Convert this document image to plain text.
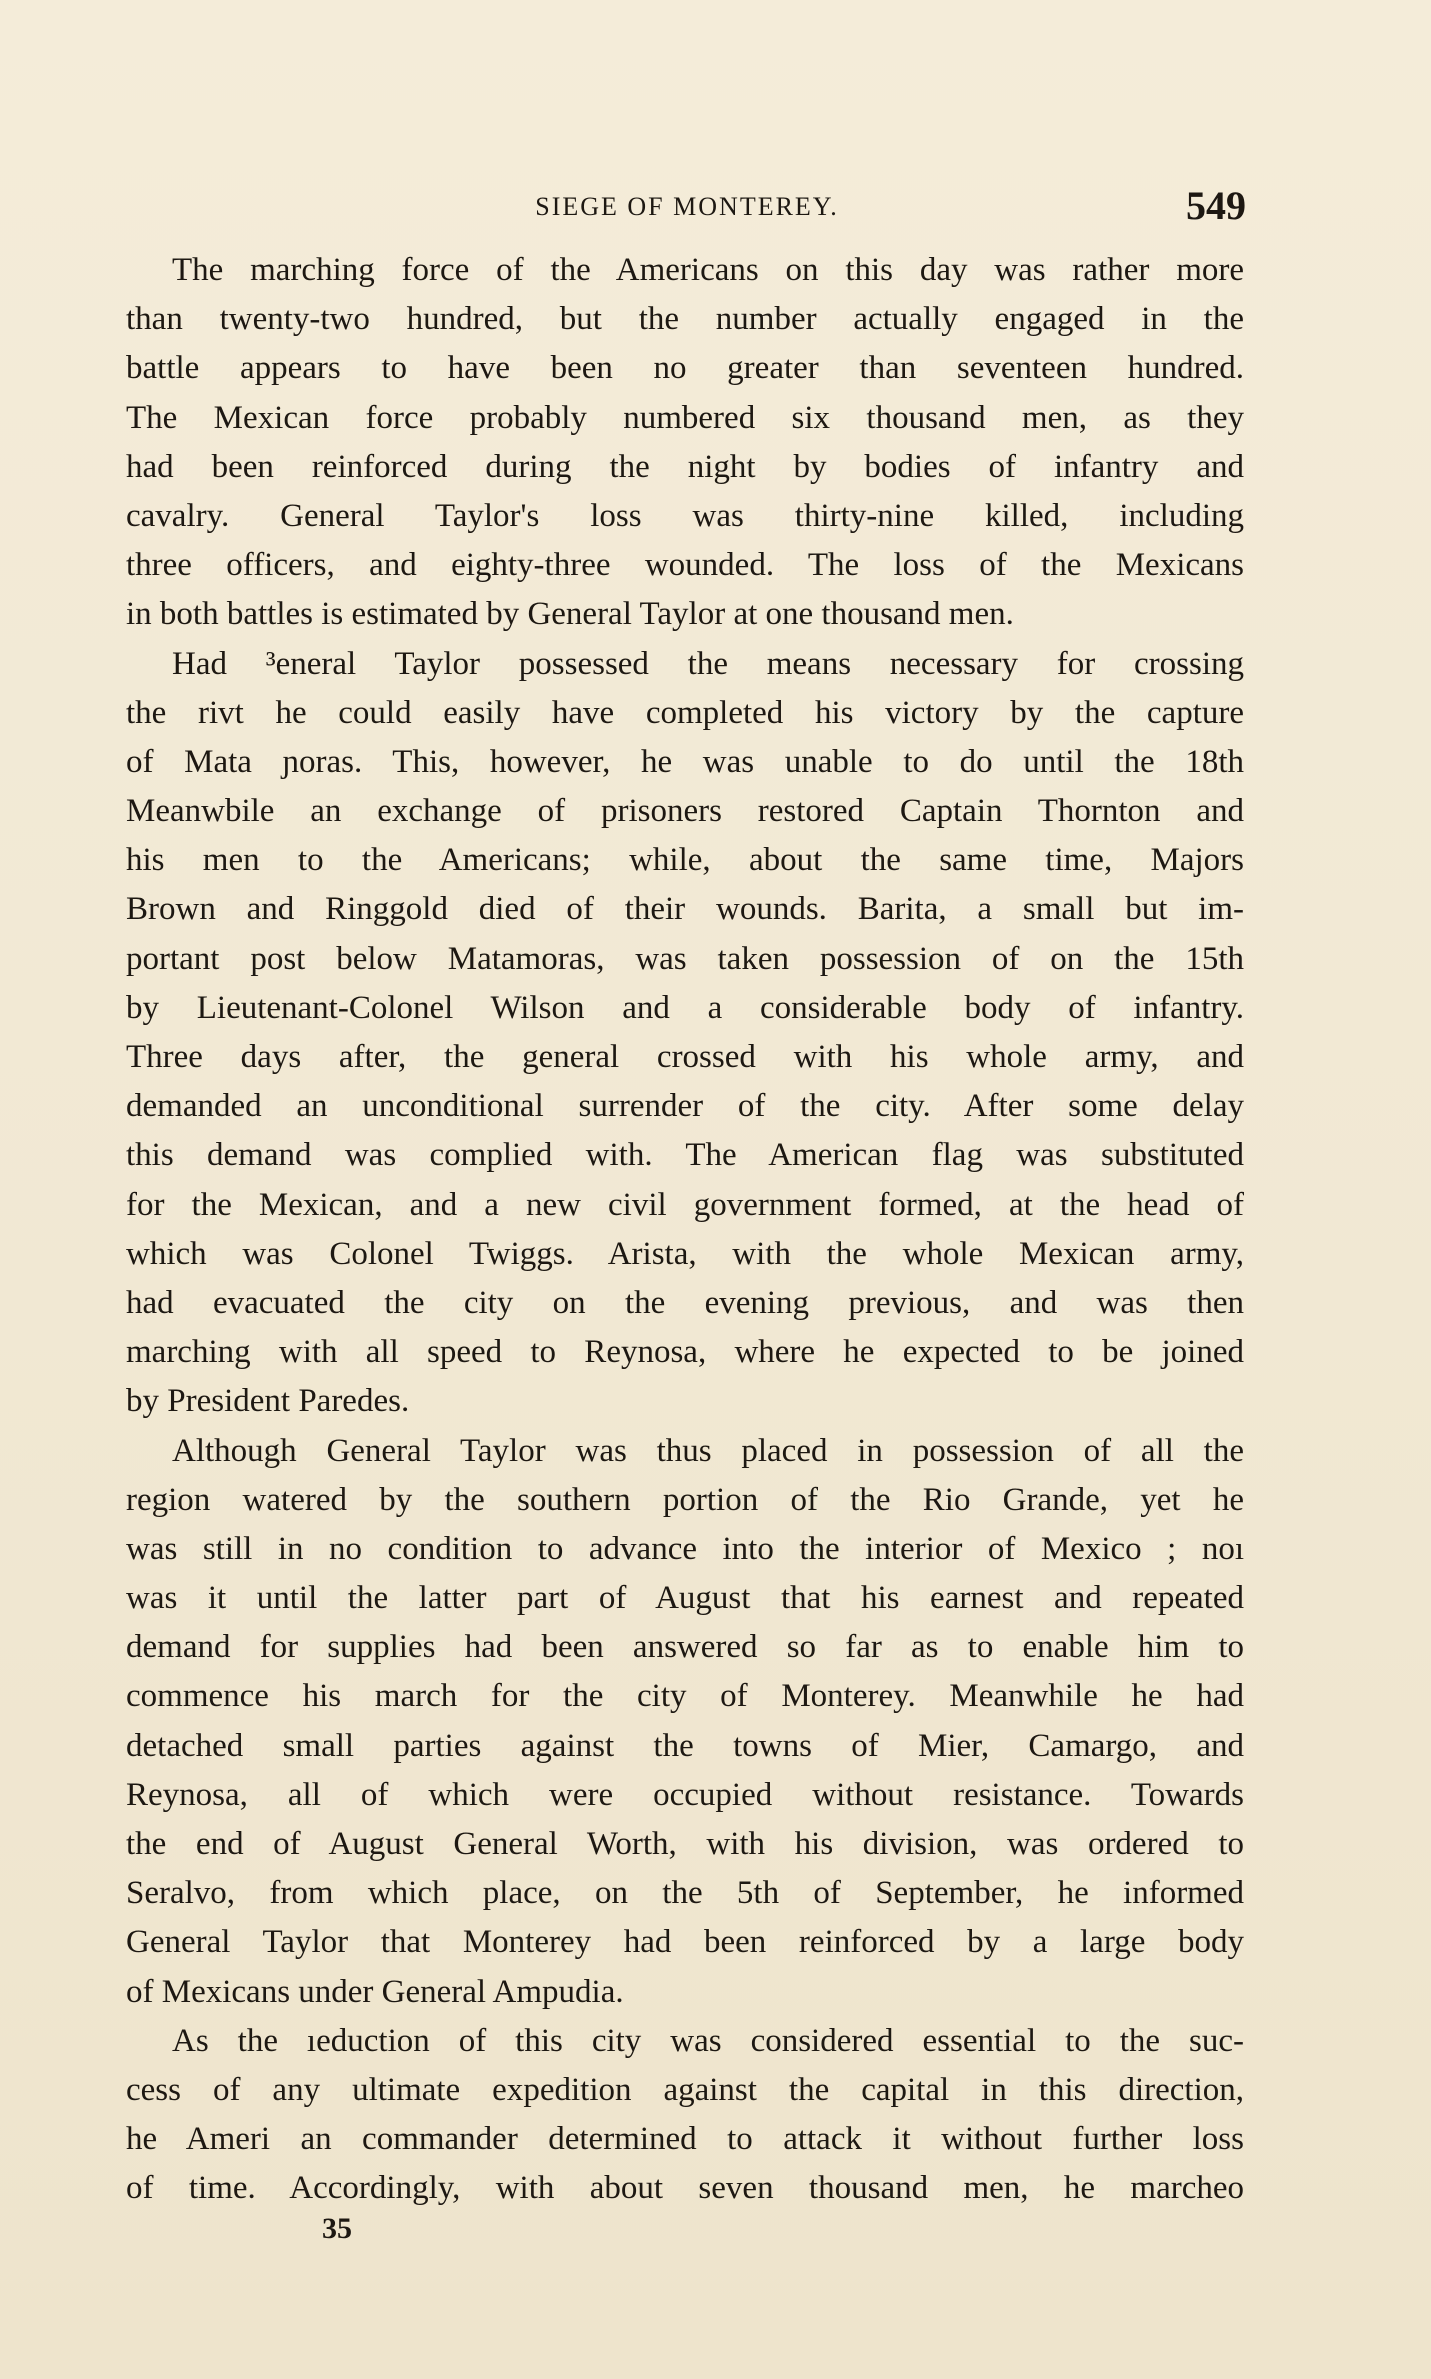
SIEGE OF MONTEREY.	549
The marching force of the Americans on this day was rather more
than twenty-two hundred, but the number actually engaged in the
battle appears to have been no greater than seventeen hundred.
The Mexican force probably numbered six thousand men, as they
had been reinforced during the night by bodies of infantry and
cavalry. General Taylor's loss was thirty-nine killed, including
three officers, and eighty-three wounded. The loss of the Mexicans
in both battles is estimated by General Taylor at one thousand men.
Had ³eneral Taylor possessed the means necessary for crossing
the rivt he could easily have completed his victory by the capture
of Mata ɲoras. This, however, he was unable to do until the 18th
Meanwbile an exchange of prisoners restored Captain Thornton and
his men to the Americans; while, about the same time, Majors
Brown and Ringgold died of their wounds. Barita, a small but im-
portant post below Matamoras, was taken possession of on the 15th
by Lieutenant-Colonel Wilson and a considerable body of infantry.
Three days after, the general crossed with his whole army, and
demanded an unconditional surrender of the city. After some delay
this demand was complied with. The American flag was substituted
for the Mexican, and a new civil government formed, at the head of
which was Colonel Twiggs. Arista, with the whole Mexican army,
had evacuated the city on the evening previous, and was then
marching with all speed to Reynosa, where he expected to be joined
by President Paredes.
Although General Taylor was thus placed in possession of all the
region watered by the southern portion of the Rio Grande, yet he
was still in no condition to advance into the interior of Mexico ; noı
was it until the latter part of August that his earnest and repeated
demand for supplies had been answered so far as to enable him to
commence his march for the city of Monterey. Meanwhile he had
detached small parties against the towns of Mier, Camargo, and
Reynosa, all of which were occupied without resistance. Towards
the end of August General Worth, with his division, was ordered to
Seralvo, from which place, on the 5th of September, he informed
General Taylor that Monterey had been reinforced by a large body
of Mexicans under General Ampudia.
As the ıeduction of this city was considered essential to the suc-
cess of any ultimate expedition against the capital in this direction,
he Ameri an commander determined to attack it without further loss
of time. Accordingly, with about seven thousand men, he marcheo
35
